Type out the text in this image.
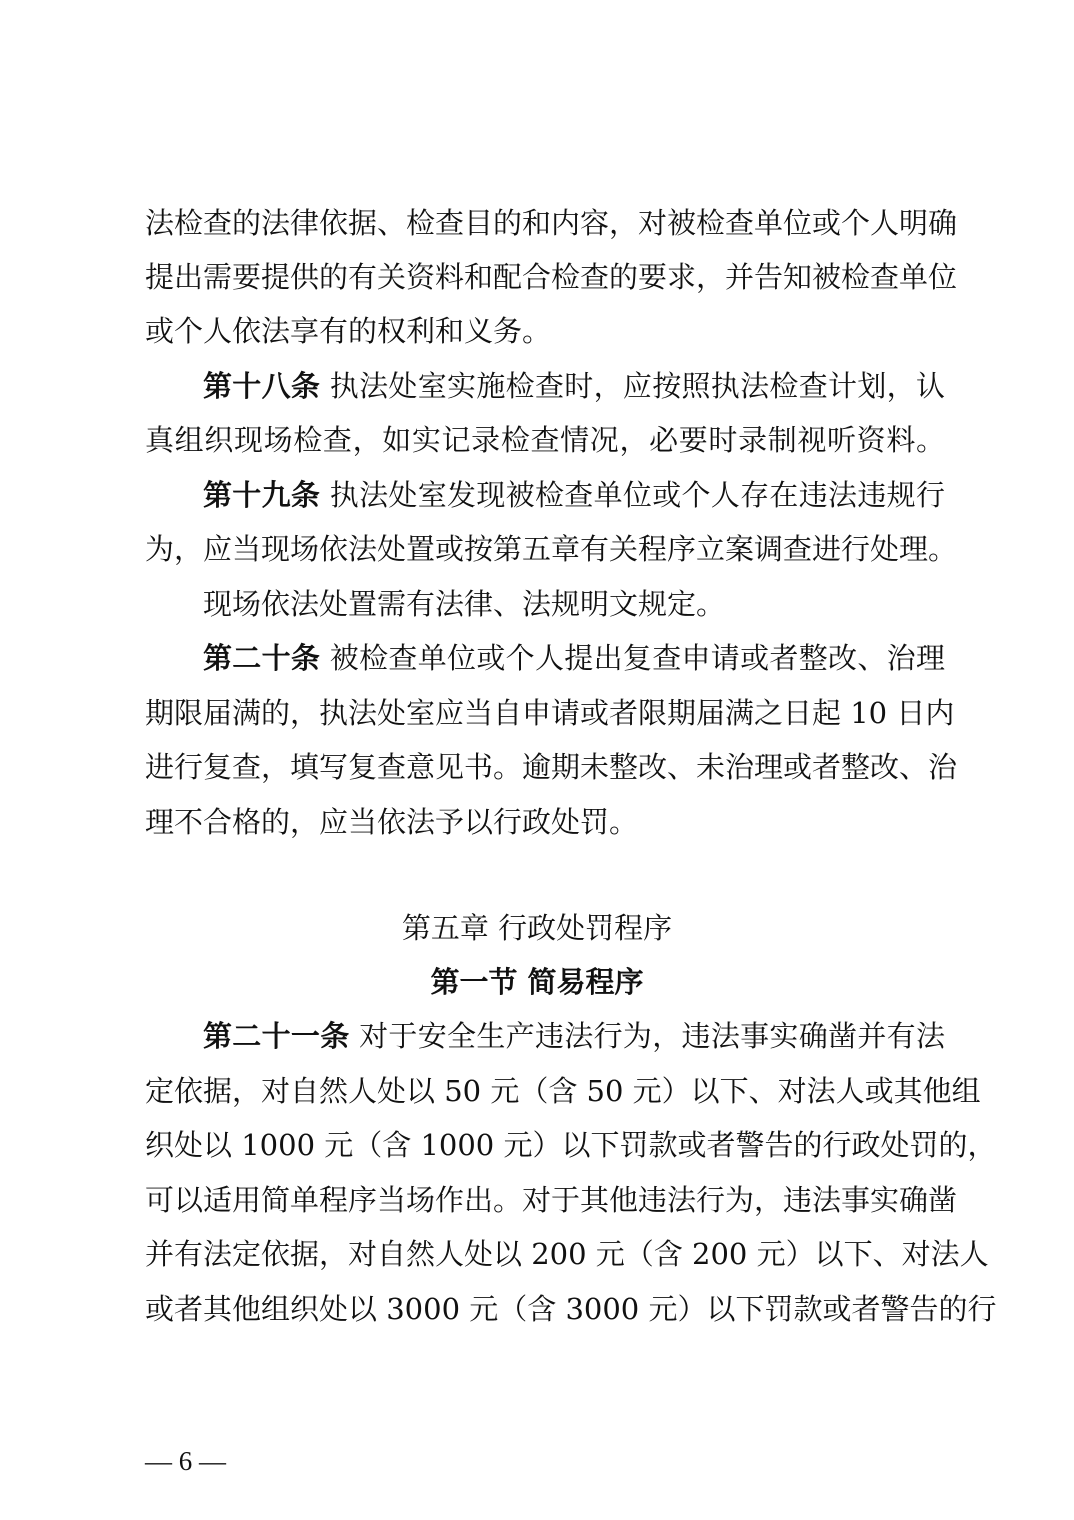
法检查的法律依据、检查目的和内容，对被检查单位或个人明确
提出需要提供的有关资料和配合检查的要求，并告知被检查单位
或个人依法享有的权利和义务。
第十八条 执法处室实施检查时，应按照执法检查计划，认
真组织现场检查，如实记录检查情况，必要时录制视听资料。
第十九条 执法处室发现被检查单位或个人存在违法违规行
为，应当现场依法处置或按第五章有关程序立案调查进行处理。
现场依法处置需有法律、法规明文规定。
第二十条 被检查单位或个人提出复查申请或者整改、治理
期限届满的，执法处室应当自申请或者限期届满之日起 10 日内
进行复查，填写复查意见书。逾期未整改、未治理或者整改、治
理不合格的，应当依法予以行政处罚。
第五章 行政处罚程序
第一节 简易程序
第二十一条 对于安全生产违法行为，违法事实确凿并有法
定依据，对自然人处以 50 元（含 50 元）以下、对法人或其他组
织处以 1000 元（含 1000 元）以下罚款或者警告的行政处罚的，
可以适用简单程序当场作出。对于其他违法行为，违法事实确凿
并有法定依据，对自然人处以 200 元（含 200 元）以下、对法人
或者其他组织处以 3000 元（含 3000 元）以下罚款或者警告的行
— 6 —
